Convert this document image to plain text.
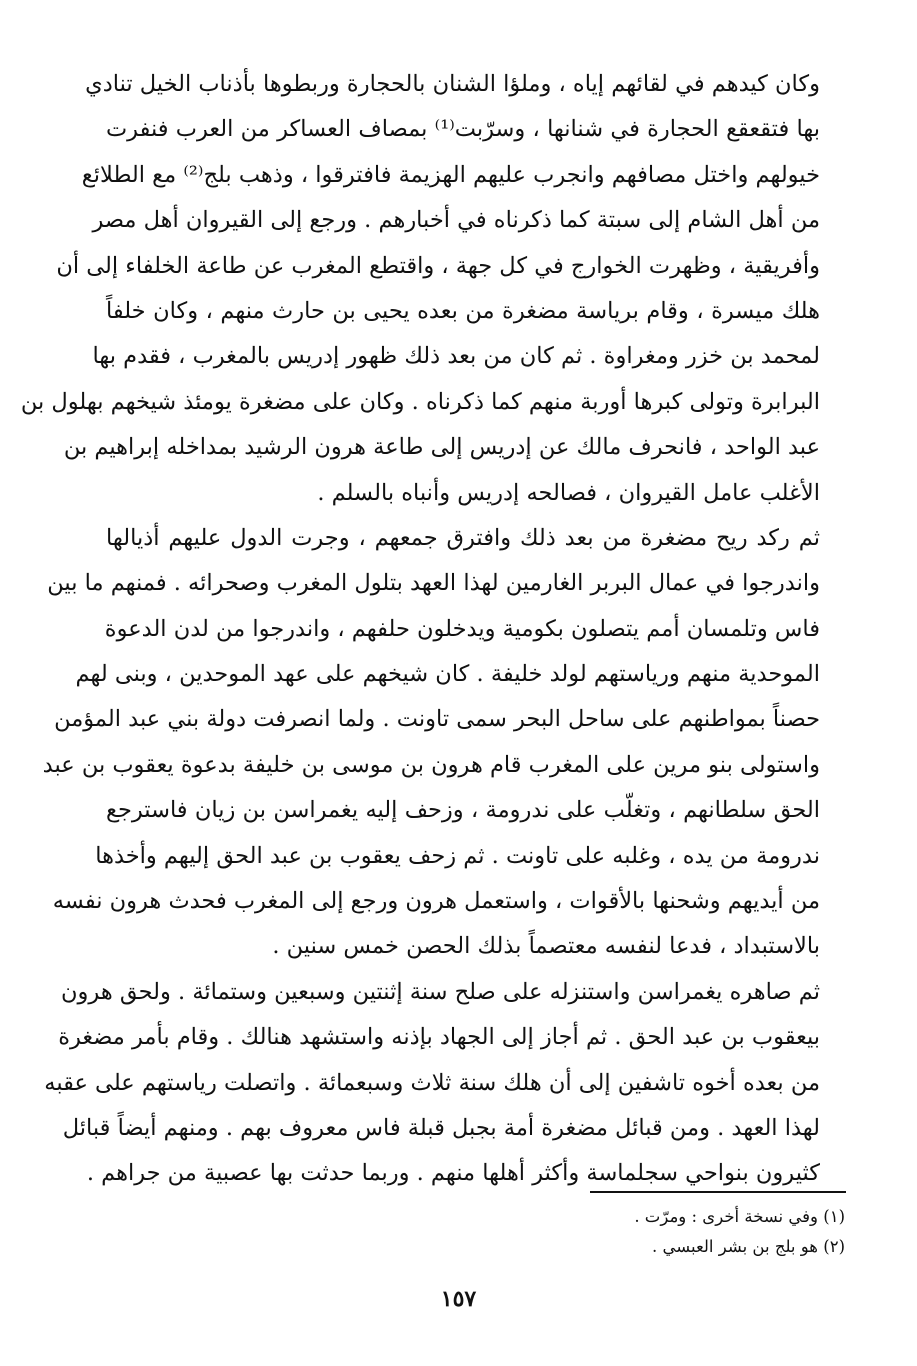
وكان كيدهم في لقائهم إياه ، وملؤا الشنان بالحجارة وربطوها بأذناب الخيل تنادي
بها فتقعقع الحجارة في شنانها ، وسرّبت⁽¹⁾ بمصاف العساكر من العرب فنفرت
خيولهم واختل مصافهم وانجرب عليهم الهزيمة فافترقوا ، وذهب بلج⁽²⁾ مع الطلائع
من أهل الشام إلى سبتة كما ذكرناه في أخبارهم . ورجع إلى القيروان أهل مصر
وأفريقية ، وظهرت الخوارج في كل جهة ، واقتطع المغرب عن طاعة الخلفاء إلى أن
هلك ميسرة ، وقام برياسة مضغرة من بعده يحيى بن حارث منهم ، وكان خلفاً
لمحمد بن خزر ومغراوة . ثم كان من بعد ذلك ظهور إدريس بالمغرب ، فقدم بها
البرابرة وتولى كبرها أوربة منهم كما ذكرناه . وكان على مضغرة يومئذ شيخهم بهلول بن
عبد الواحد ، فانحرف مالك عن إدريس إلى طاعة هرون الرشيد بمداخله إبراهيم بن
الأغلب عامل القيروان ، فصالحه إدريس وأنباه بالسلم .
ثم ركد ريح مضغرة من بعد ذلك وافترق جمعهم ، وجرت الدول عليهم أذيالها
واندرجوا في عمال البربر الغارمين لهذا العهد بتلول المغرب وصحرائه . فمنهم ما بين
فاس وتلمسان أمم يتصلون بكومية ويدخلون حلفهم ، واندرجوا من لدن الدعوة
الموحدية منهم ورياستهم لولد خليفة . كان شيخهم على عهد الموحدين ، وبنى لهم
حصناً بمواطنهم على ساحل البحر سمى تاونت . ولما انصرفت دولة بني عبد المؤمن
واستولى بنو مرين على المغرب قام هرون بن موسى بن خليفة بدعوة يعقوب بن عبد
الحق سلطانهم ، وتغلّب على ندرومة ، وزحف إليه يغمراسن بن زيان فاسترجع
ندرومة من يده ، وغلبه على تاونت . ثم زحف يعقوب بن عبد الحق إليهم وأخذها
من أيديهم وشحنها بالأقوات ، واستعمل هرون ورجع إلى المغرب فحدث هرون نفسه
بالاستبداد ، فدعا لنفسه معتصماً بذلك الحصن خمس سنين .
ثم صاهره يغمراسن واستنزله على صلح سنة إثنتين وسبعين وستمائة . ولحق هرون
بيعقوب بن عبد الحق . ثم أجاز إلى الجهاد بإذنه واستشهد هنالك . وقام بأمر مضغرة
من بعده أخوه تاشفين إلى أن هلك سنة ثلاث وسبعمائة . واتصلت رياستهم على عقبه
لهذا العهد . ومن قبائل مضغرة أمة بجبل قبلة فاس معروف بهم . ومنهم أيضاً قبائل
كثيرون بنواحي سجلماسة وأكثر أهلها منهم . وربما حدثت بها عصبية من جراهم .
(١) وفي نسخة أخرى : ومرّت .
(٢) هو بلج بن بشر العبسي .
١٥٧
